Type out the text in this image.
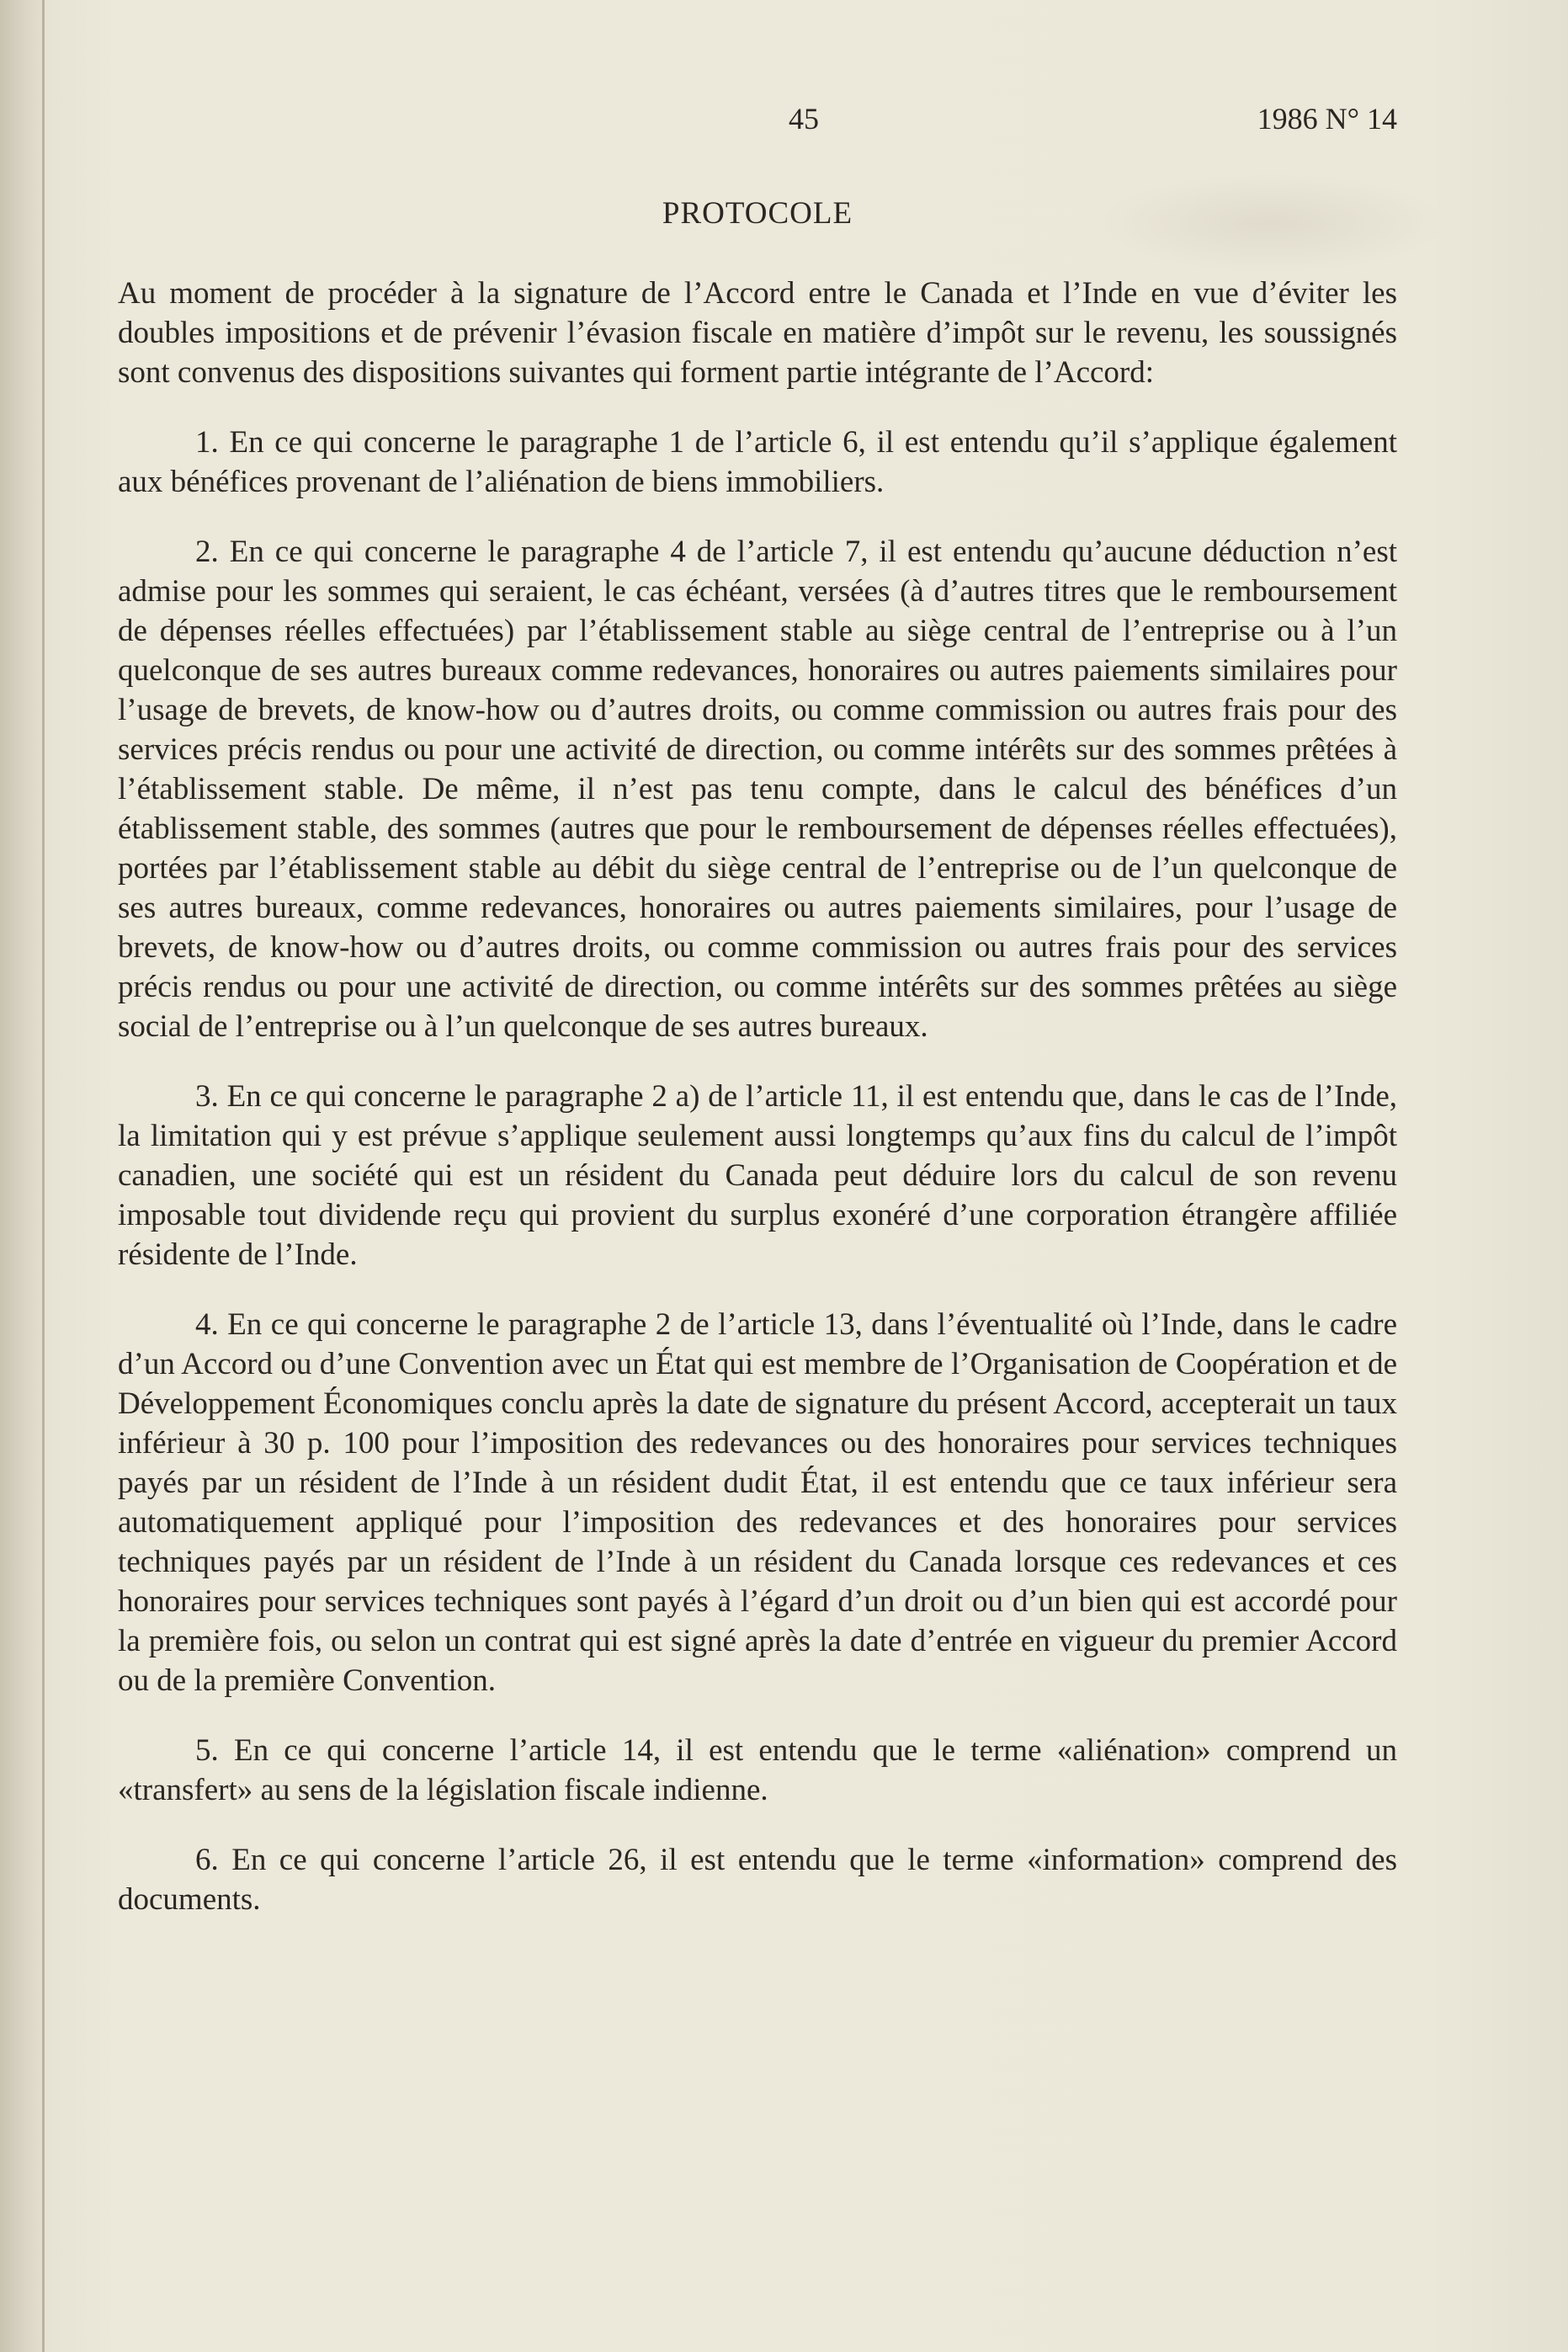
45	1986 N° 14
PROTOCOLE

Au moment de procéder à la signature de l’Accord entre le Canada et l’Inde en vue d’éviter les doubles impositions et de prévenir l’évasion fiscale en matière d’impôt sur le revenu, les soussignés sont convenus des dispositions suivantes qui forment partie intégrante de l’Accord:

1. En ce qui concerne le paragraphe 1 de l’article 6, il est entendu qu’il s’applique également aux bénéfices provenant de l’aliénation de biens immobiliers.

2. En ce qui concerne le paragraphe 4 de l’article 7, il est entendu qu’aucune déduction n’est admise pour les sommes qui seraient, le cas échéant, versées (à d’autres titres que le remboursement de dépenses réelles effectuées) par l’établissement stable au siège central de l’entreprise ou à l’un quelconque de ses autres bureaux comme redevances, honoraires ou autres paiements similaires pour l’usage de brevets, de know-how ou d’autres droits, ou comme commission ou autres frais pour des services précis rendus ou pour une activité de direction, ou comme intérêts sur des sommes prêtées à l’établissement stable. De même, il n’est pas tenu compte, dans le calcul des bénéfices d’un établissement stable, des sommes (autres que pour le remboursement de dépenses réelles effectuées), portées par l’établissement stable au débit du siège central de l’entreprise ou de l’un quelconque de ses autres bureaux, comme redevances, honoraires ou autres paiements similaires, pour l’usage de brevets, de know-how ou d’autres droits, ou comme commission ou autres frais pour des services précis rendus ou pour une activité de direction, ou comme intérêts sur des sommes prêtées au siège social de l’entreprise ou à l’un quelconque de ses autres bureaux.

3. En ce qui concerne le paragraphe 2 a) de l’article 11, il est entendu que, dans le cas de l’Inde, la limitation qui y est prévue s’applique seulement aussi longtemps qu’aux fins du calcul de l’impôt canadien, une société qui est un résident du Canada peut déduire lors du calcul de son revenu imposable tout dividende reçu qui provient du surplus exonéré d’une corporation étrangère affiliée résidente de l’Inde.

4. En ce qui concerne le paragraphe 2 de l’article 13, dans l’éventualité où l’Inde, dans le cadre d’un Accord ou d’une Convention avec un État qui est membre de l’Organisation de Coopération et de Développement Économiques conclu après la date de signature du présent Accord, accepterait un taux inférieur à 30 p. 100 pour l’imposition des redevances ou des honoraires pour services techniques payés par un résident de l’Inde à un résident dudit État, il est entendu que ce taux inférieur sera automatiquement appliqué pour l’imposition des redevances et des honoraires pour services techniques payés par un résident de l’Inde à un résident du Canada lorsque ces redevances et ces honoraires pour services techniques sont payés à l’égard d’un droit ou d’un bien qui est accordé pour la première fois, ou selon un contrat qui est signé après la date d’entrée en vigueur du premier Accord ou de la première Convention.

5. En ce qui concerne l’article 14, il est entendu que le terme «aliénation» comprend un «transfert» au sens de la législation fiscale indienne.

6. En ce qui concerne l’article 26, il est entendu que le terme «information» comprend des documents.
